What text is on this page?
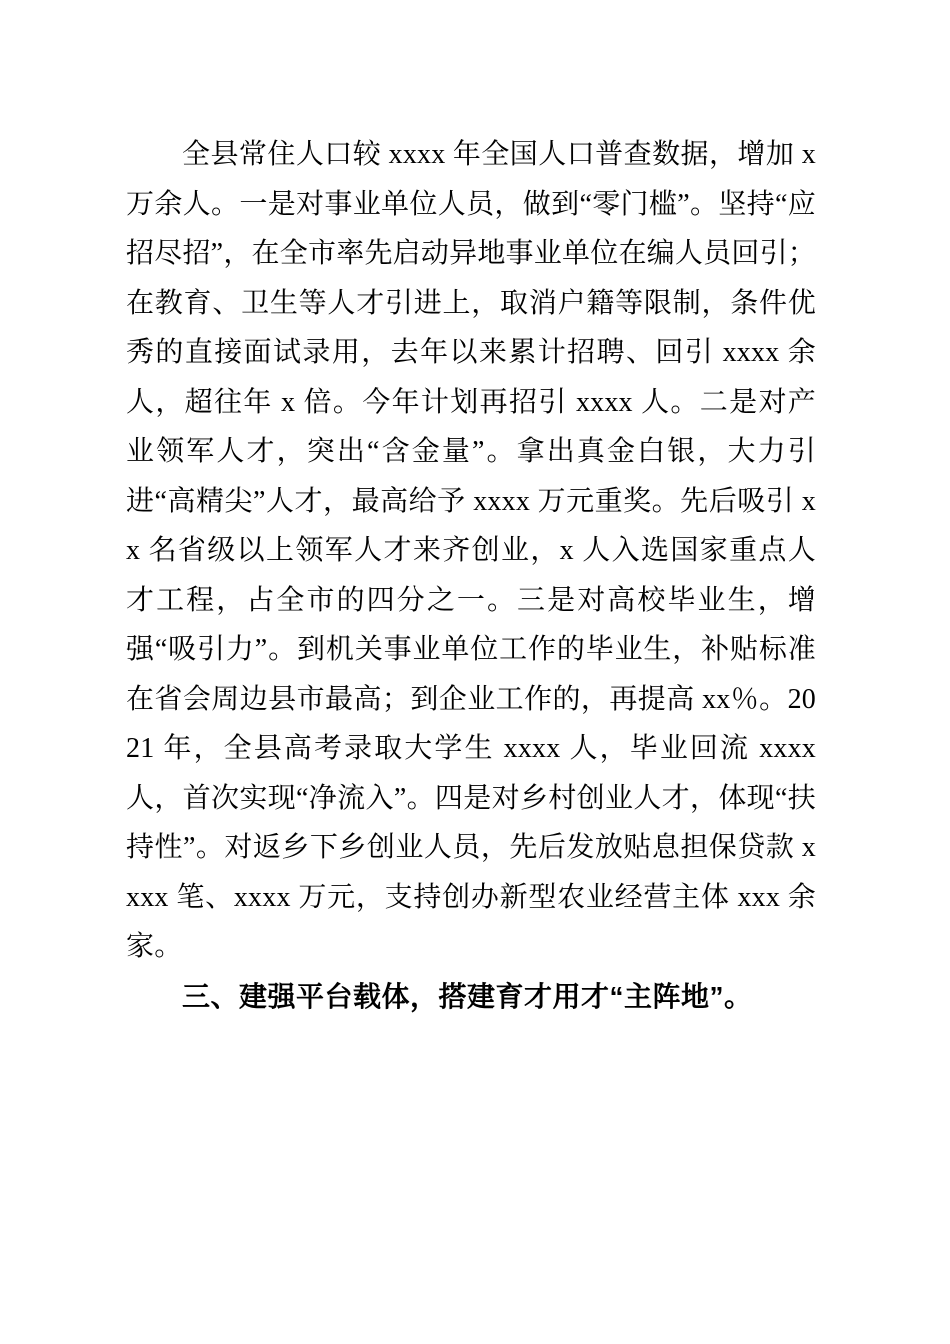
全县常住人口较 xxxx 年全国人口普查数据，增加 x 万余人。一是对事业单位人员，做到“零门槛”。坚持“应招尽招”，在全市率先启动异地事业单位在编人员回引；在教育、卫生等人才引进上，取消户籍等限制，条件优秀的直接面试录用，去年以来累计招聘、回引 xxxx 余人，超往年 x 倍。今年计划再招引 xxxx 人。二是对产业领军人才，突出“含金量”。拿出真金白银，大力引进“高精尖”人才，最高给予 xxxx 万元重奖。先后吸引 xx 名省级以上领军人才来齐创业，x 人入选国家重点人才工程，占全市的四分之一。三是对高校毕业生，增强“吸引力”。到机关事业单位工作的毕业生，补贴标准在省会周边县市最高；到企业工作的，再提高 xx％。2021 年，全县高考录取大学生 xxxx 人，毕业回流 xxxx 人，首次实现“净流入”。四是对乡村创业人才，体现“扶持性”。对返乡下乡创业人员，先后发放贴息担保贷款 xxxx 笔、xxxx 万元，支持创办新型农业经营主体 xxx 余家。

三、建强平台载体，搭建育才用才“主阵地”。
